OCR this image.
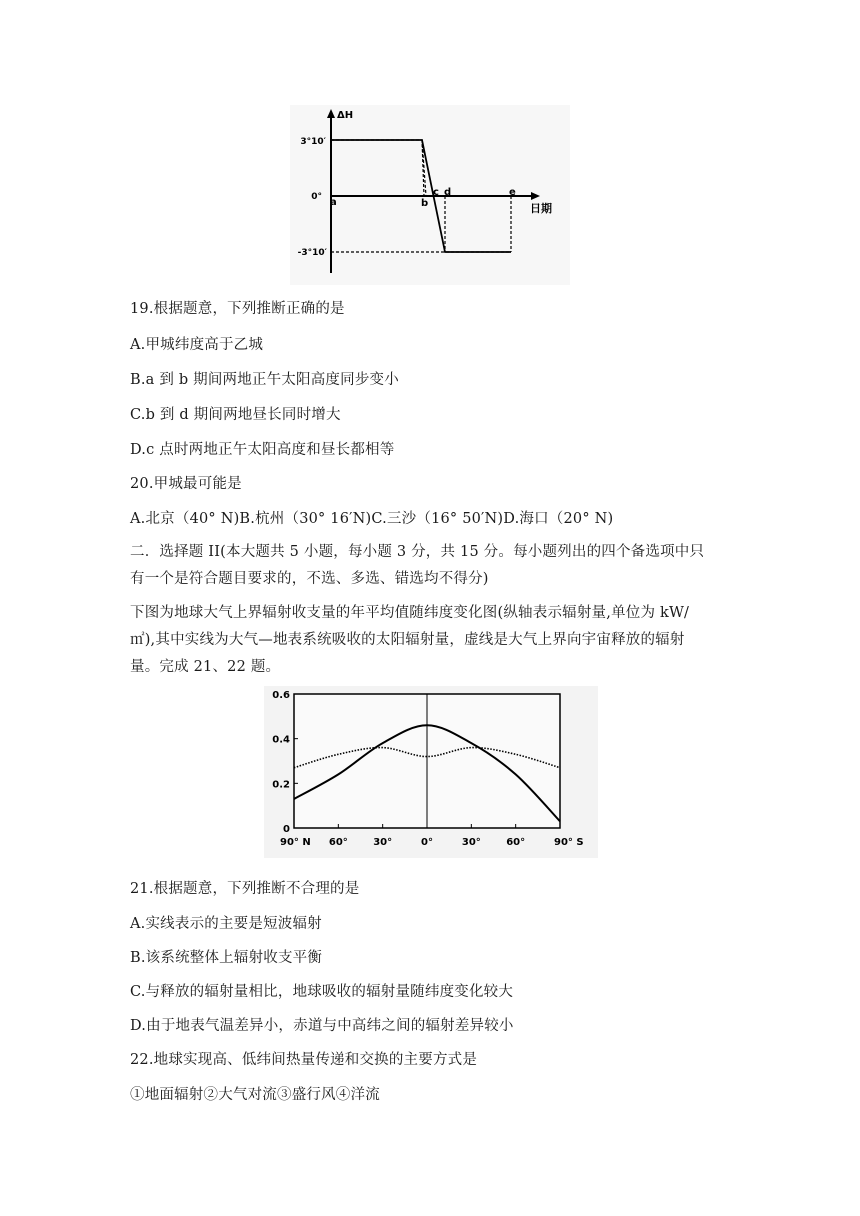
ΔH
3°10′
0°
-3°10′
日期
a	b
c d	e
19.根据题意，下列推断正确的是
A.甲城纬度高于乙城
B.a 到 b 期间两地正午太阳高度同步变小
C.b 到 d 期间两地昼长同时增大
D.c 点时两地正午太阳高度和昼长都相等
20.甲城最可能是
A.北京（40° N)B.杭州（30° 16′N)C.三沙（16° 50′N)D.海口（20° N)
二．选择题 II(本大题共 5 小题，每小题 3 分，共 15 分。每小题列出的四个备选项中只
有一个是符合题目要求的，不选、多选、错选均不得分)
下图为地球大气上界辐射收支量的年平均值随纬度变化图(纵轴表示辐射量,单位为 kW/
㎡),其中实线为大气—地表系统吸收的太阳辐射量，虚线是大气上界向宇宙释放的辐射
量。完成 21、22 题。
0
0.2
0.4
0.6
90° N 60°	30°	0°	30°	60°	90° S
21.根据题意，下列推断不合理的是
A.实线表示的主要是短波辐射
B.该系统整体上辐射收支平衡
C.与释放的辐射量相比，地球吸收的辐射量随纬度变化较大
D.由于地表气温差异小，赤道与中高纬之间的辐射差异较小
22.地球实现高、低纬间热量传递和交换的主要方式是
①地面辐射②大气对流③盛行风④洋流
